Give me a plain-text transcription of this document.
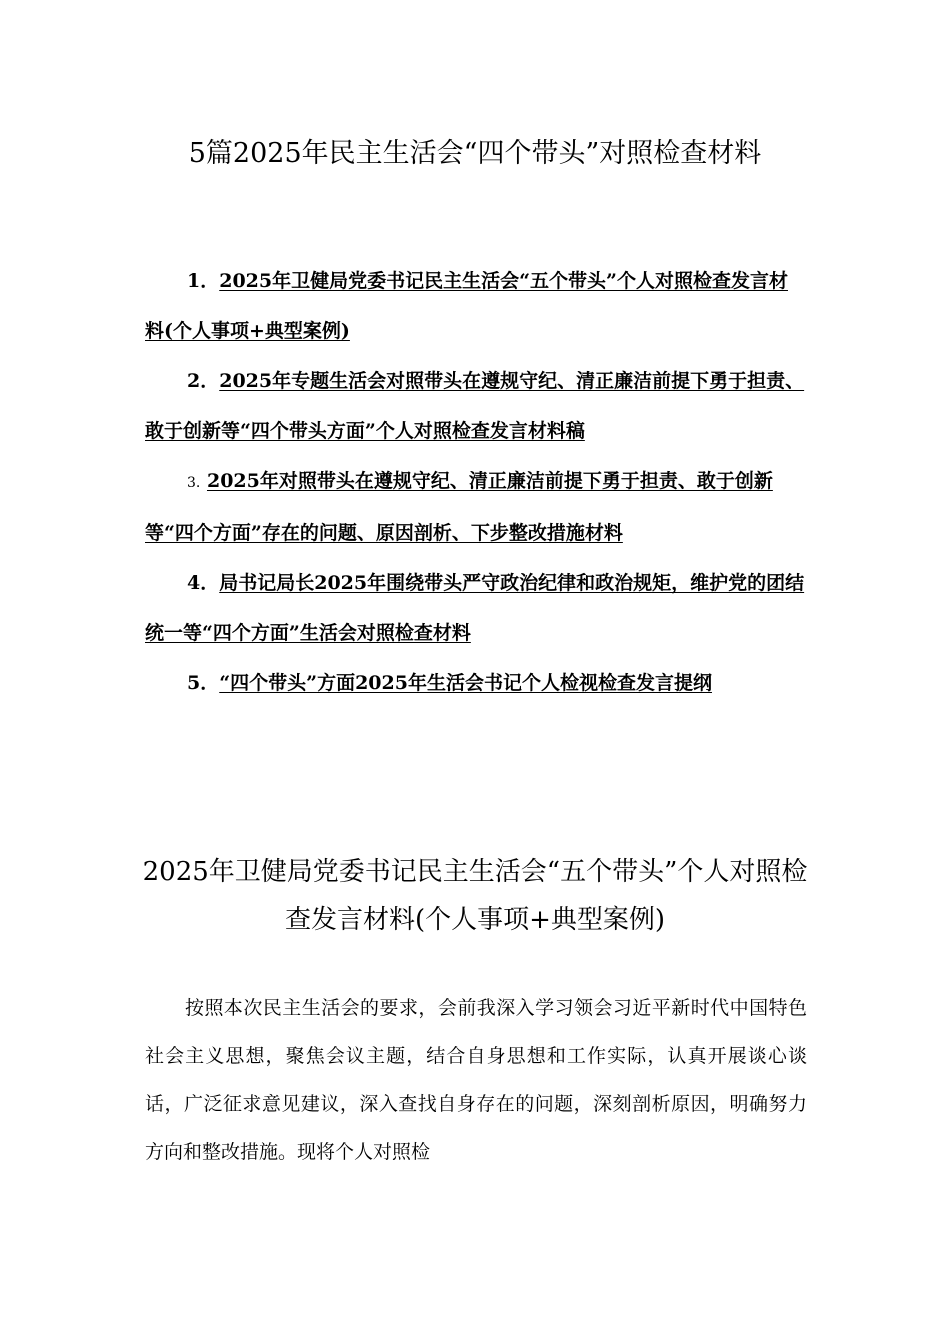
5篇2025年民主生活会“四个带头”对照检查材料
1．2025年卫健局党委书记民主生活会“五个带头”个人对照检查发言材料(个人事项+典型案例)
2．2025年专题生活会对照带头在遵规守纪、清正廉洁前提下勇于担责、敢于创新等“四个带头方面”个人对照检查发言材料稿
3. 2025年对照带头在遵规守纪、清正廉洁前提下勇于担责、敢于创新等“四个方面”存在的问题、原因剖析、下步整改措施材料
4．局书记局长2025年围绕带头严守政治纪律和政治规矩，维护党的团结统一等“四个方面”生活会对照检查材料
5．“四个带头”方面2025年生活会书记个人检视检查发言提纲
2025年卫健局党委书记民主生活会“五个带头”个人对照检查发言材料(个人事项+典型案例)

按照本次民主生活会的要求，会前我深入学习领会习近平新时代中国特色社会主义思想，聚焦会议主题，结合自身思想和工作实际，认真开展谈心谈话，广泛征求意见建议，深入查找自身存在的问题，深刻剖析原因，明确努力方向和整改措施。现将个人对照检
